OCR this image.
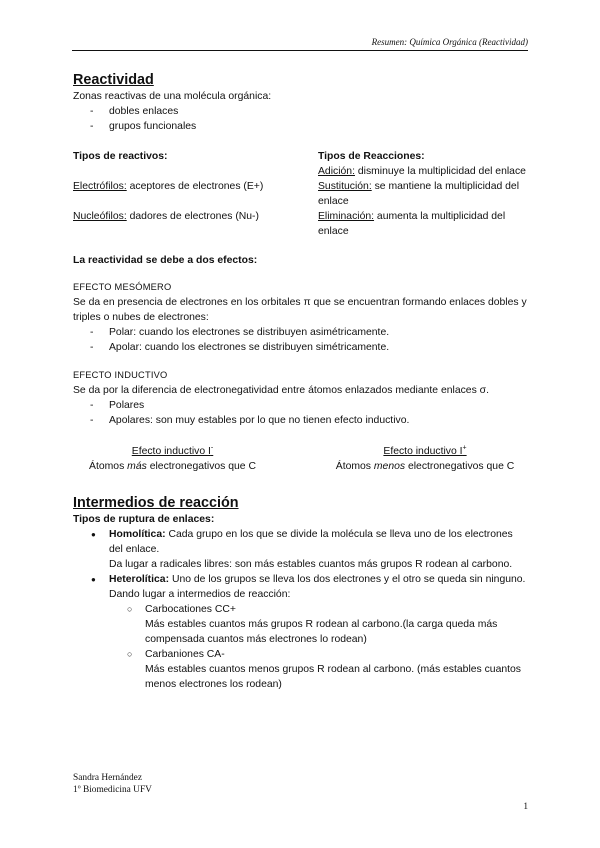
Resumen: Química Orgánica (Reactividad)
Reactividad

Zonas reactivas de una molécula orgánica:

- dobles enlaces
- grupos funcionales

Tipos de reactivos:

Electrófilos: aceptores de electrones (E+)

Nucleófilos: dadores de electrones (Nu-)

Tipos de Reacciones:

Adición: disminuye la multiplicidad del enlace

Sustitución: se mantiene la multiplicidad del enlace

Eliminación: aumenta la multiplicidad del enlace

La reactividad se debe a dos efectos:

EFECTO MESÓMERO

Se da en presencia de electrones en los orbitales π que se encuentran formando enlaces dobles y triples o nubes de electrones:

- Polar: cuando los electrones se distribuyen asimétricamente.
- Apolar: cuando los electrones se distribuyen simétricamente.

EFECTO INDUCTIVO

Se da por la diferencia de electronegatividad entre átomos enlazados mediante enlaces σ.

- Polares
- Apolares: son muy estables por lo que no tienen efecto inductivo.

Efecto inductivo I-

Átomos más electronegativos que C

Efecto inductivo I+

Átomos menos electronegativos que C

Intermedios de reacción

Tipos de ruptura de enlaces:

● Homolítica: Cada grupo en los que se divide la molécula se lleva uno de los electrones del enlace.

Da lugar a radicales libres: son más estables cuantos más grupos R rodean al carbono.

● Heterolítica: Uno de los grupos se lleva los dos electrones y el otro se queda sin ninguno. Dando lugar a intermedios de reacción:

○ Carbocationes CC+

Más estables cuantos más grupos R rodean al carbono.(la carga queda más compensada cuantos más electrones lo rodean)

○ Carbaniones CA-

Más estables cuantos menos grupos R rodean al carbono. (más estables cuantos menos electrones los rodean)

Sandra Hernández
1º Biomedicina UFV
1
